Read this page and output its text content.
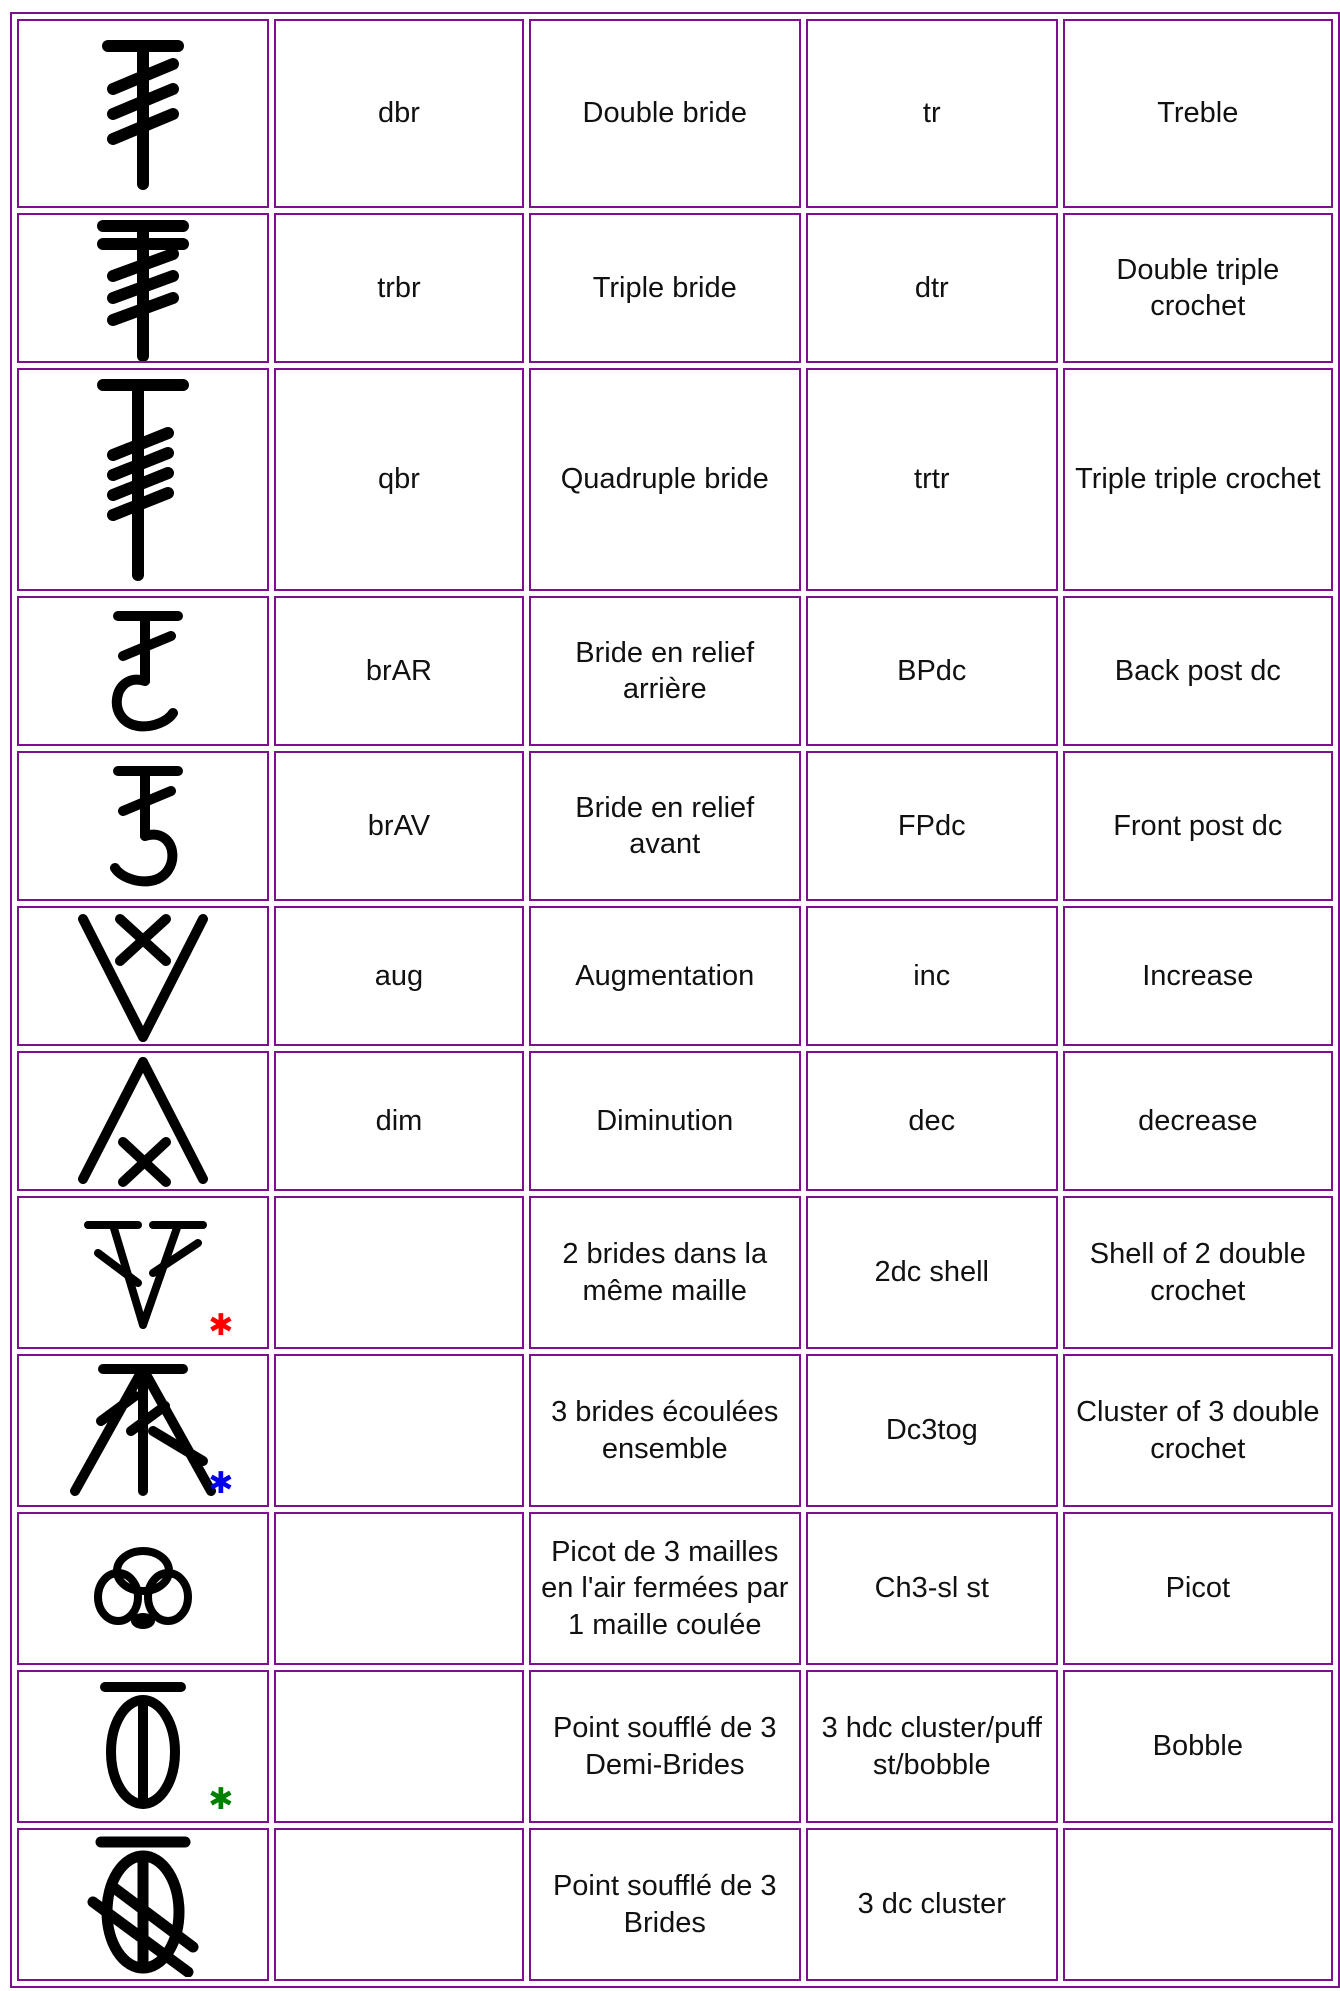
	dbr	Double bride	tr	Treble

	trbr	Triple bride	dtr	Double triple crochet

	qbr	Quadruple bride	trtr	Triple triple crochet

	brAR	Bride en relief arrière	BPdc	Back post dc

	brAV	Bride en relief avant	FPdc	Front post dc

	aug	Augmentation	inc	Increase

	dim	Diminution	dec	decrease

✱		2 brides dans la même maille	2dc shell	Shell of 2 double crochet

✱		3 brides écoulées ensemble	Dc3tog	Cluster of 3 double crochet

		Picot de 3 mailles en l'air fermées par 1 maille coulée	Ch3-sl st	Picot

✱		Point soufflé de 3 Demi-Brides	3 hdc cluster/puff st/bobble	Bobble

		Point soufflé de 3 Brides	3 dc cluster	
